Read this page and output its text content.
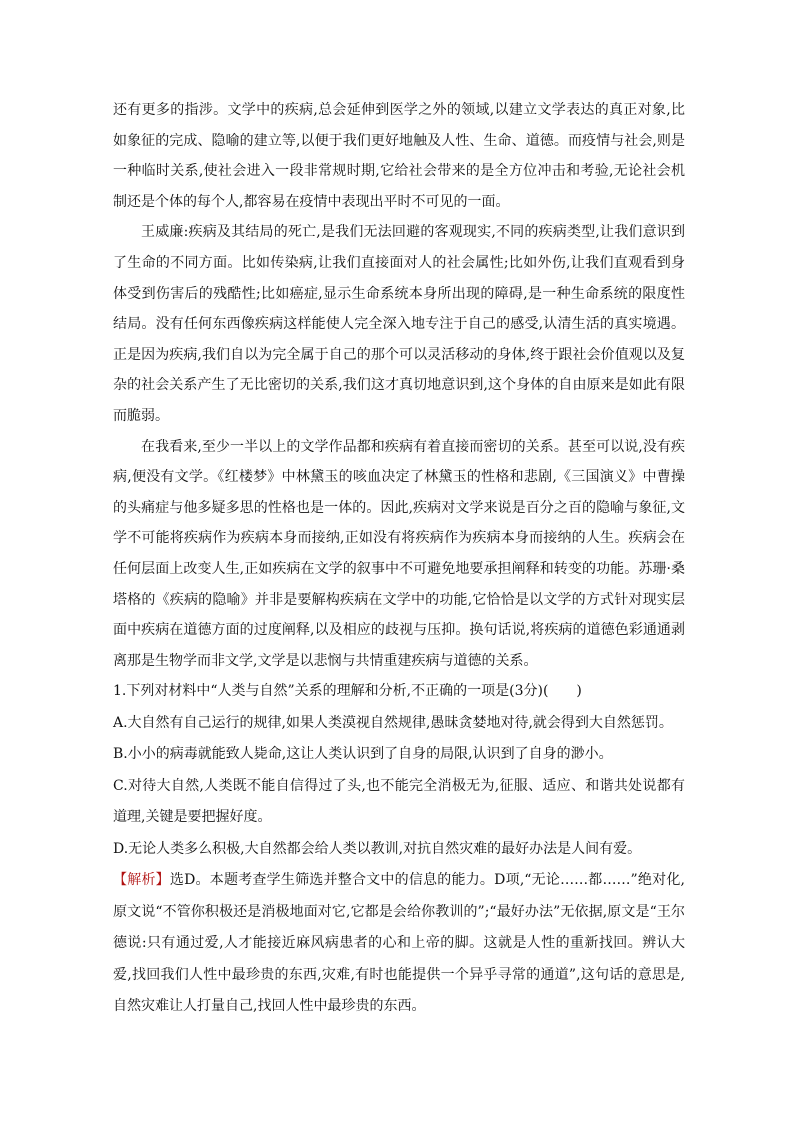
还有更多的指涉。文学中的疾病,总会延伸到医学之外的领域,以建立文学表达的真正对象,比如象征的完成、隐喻的建立等,以便于我们更好地触及人性、生命、道德。而疫情与社会,则是一种临时关系,使社会进入一段非常规时期,它给社会带来的是全方位冲击和考验,无论社会机制还是个体的每个人,都容易在疫情中表现出平时不可见的一面。

王威廉:疾病及其结局的死亡,是我们无法回避的客观现实,不同的疾病类型,让我们意识到了生命的不同方面。比如传染病,让我们直接面对人的社会属性;比如外伤,让我们直观看到身体受到伤害后的残酷性;比如癌症,显示生命系统本身所出现的障碍,是一种生命系统的限度性结局。没有任何东西像疾病这样能使人完全深入地专注于自己的感受,认清生活的真实境遇。正是因为疾病,我们自以为完全属于自己的那个可以灵活移动的身体,终于跟社会价值观以及复杂的社会关系产生了无比密切的关系,我们这才真切地意识到,这个身体的自由原来是如此有限而脆弱。

在我看来,至少一半以上的文学作品都和疾病有着直接而密切的关系。甚至可以说,没有疾病,便没有文学。《红楼梦》中林黛玉的咳血决定了林黛玉的性格和悲剧,《三国演义》中曹操的头痛症与他多疑多思的性格也是一体的。因此,疾病对文学来说是百分之百的隐喻与象征,文学不可能将疾病作为疾病本身而接纳,正如没有将疾病作为疾病本身而接纳的人生。疾病会在任何层面上改变人生,正如疾病在文学的叙事中不可避免地要承担阐释和转变的功能。苏珊·桑塔格的《疾病的隐喻》并非是要解构疾病在文学中的功能,它恰恰是以文学的方式针对现实层面中疾病在道德方面的过度阐释,以及相应的歧视与压抑。换句话说,将疾病的道德色彩通通剥离那是生物学而非文学,文学是以悲悯与共情重建疾病与道德的关系。

1.下列对材料中“人类与自然”关系的理解和分析,不正确的一项是(3分)(　　)

A.大自然有自己运行的规律,如果人类漠视自然规律,愚昧贪婪地对待,就会得到大自然惩罚。

B.小小的病毒就能致人毙命,这让人类认识到了自身的局限,认识到了自身的渺小。

C.对待大自然,人类既不能自信得过了头,也不能完全消极无为,征服、适应、和谐共处说都有道理,关键是要把握好度。

D.无论人类多么积极,大自然都会给人类以教训,对抗自然灾难的最好办法是人间有爱。

【解析】选D。本题考查学生筛选并整合文中的信息的能力。D项,“无论……都……”绝对化,原文说“不管你积极还是消极地面对它,它都是会给你教训的”;“最好办法”无依据,原文是“王尔德说:只有通过爱,人才能接近麻风病患者的心和上帝的脚。这就是人性的重新找回。辨认大爱,找回我们人性中最珍贵的东西,灾难,有时也能提供一个异乎寻常的通道”,这句话的意思是,自然灾难让人打量自己,找回人性中最珍贵的东西。
